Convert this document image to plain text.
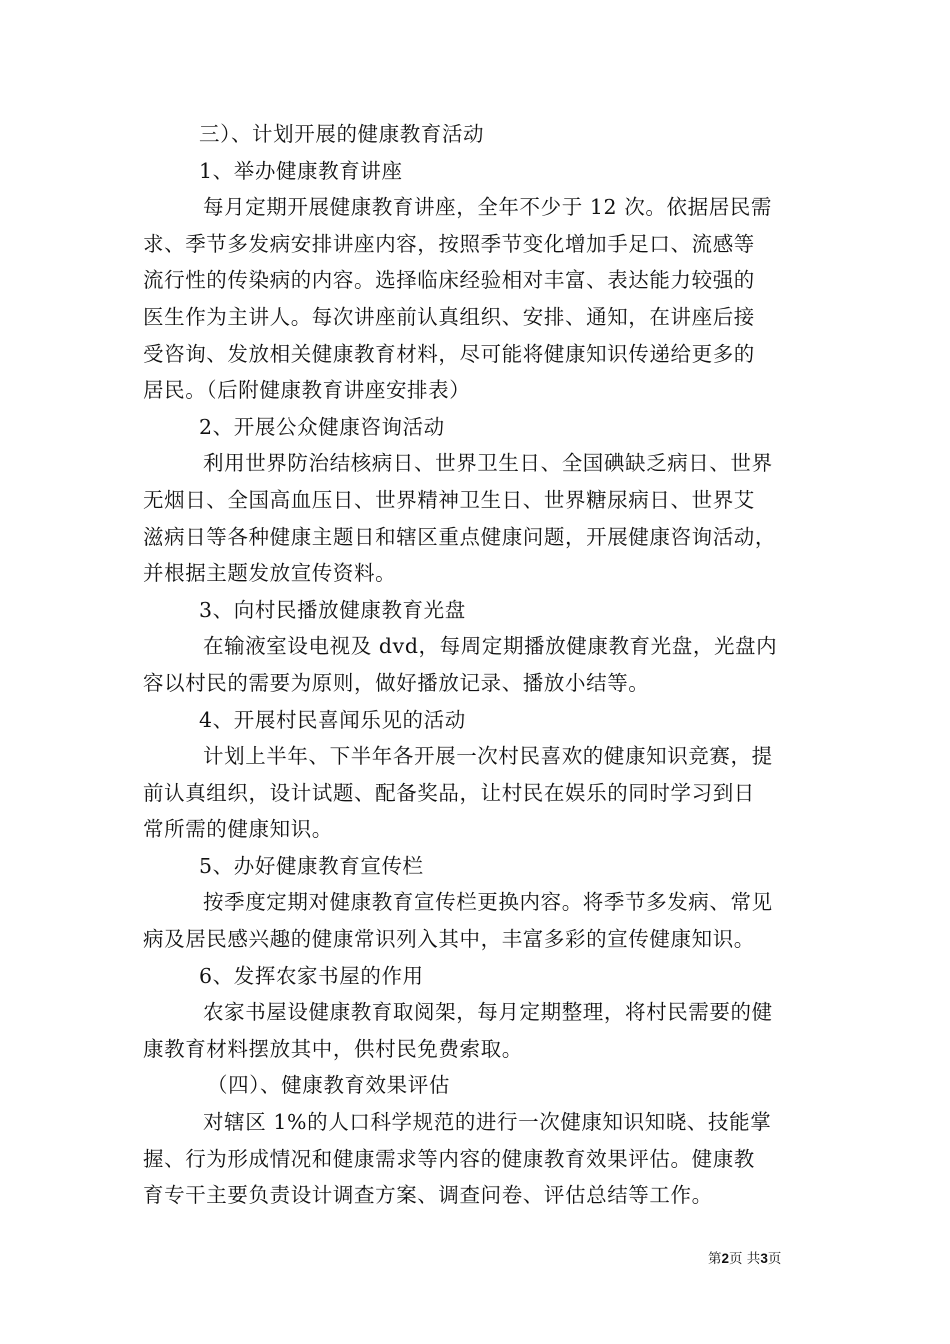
三）、计划开展的健康教育活动
1、举办健康教育讲座
每月定期开展健康教育讲座，全年不少于 12 次。依据居民需
求、季节多发病安排讲座内容，按照季节变化增加手足口、流感等
流行性的传染病的内容。选择临床经验相对丰富、表达能力较强的
医生作为主讲人。每次讲座前认真组织、安排、通知，在讲座后接
受咨询、发放相关健康教育材料，尽可能将健康知识传递给更多的
居民。（后附健康教育讲座安排表）
2、开展公众健康咨询活动
利用世界防治结核病日、世界卫生日、全国碘缺乏病日、世界
无烟日、全国高血压日、世界精神卫生日、世界糖尿病日、世界艾
滋病日等各种健康主题日和辖区重点健康问题，开展健康咨询活动，
并根据主题发放宣传资料。
3、向村民播放健康教育光盘
在输液室设电视及 dvd，每周定期播放健康教育光盘，光盘内
容以村民的需要为原则，做好播放记录、播放小结等。
4、开展村民喜闻乐见的活动
计划上半年、下半年各开展一次村民喜欢的健康知识竞赛，提
前认真组织，设计试题、配备奖品，让村民在娱乐的同时学习到日
常所需的健康知识。
5、办好健康教育宣传栏
按季度定期对健康教育宣传栏更换内容。将季节多发病、常见
病及居民感兴趣的健康常识列入其中，丰富多彩的宣传健康知识。
6、发挥农家书屋的作用
农家书屋设健康教育取阅架，每月定期整理，将村民需要的健
康教育材料摆放其中，供村民免费索取。
（四）、健康教育效果评估
对辖区 1%的人口科学规范的进行一次健康知识知晓、技能掌
握、行为形成情况和健康需求等内容的健康教育效果评估。健康教
育专干主要负责设计调查方案、调查问卷、评估总结等工作。
第2页 共3页
